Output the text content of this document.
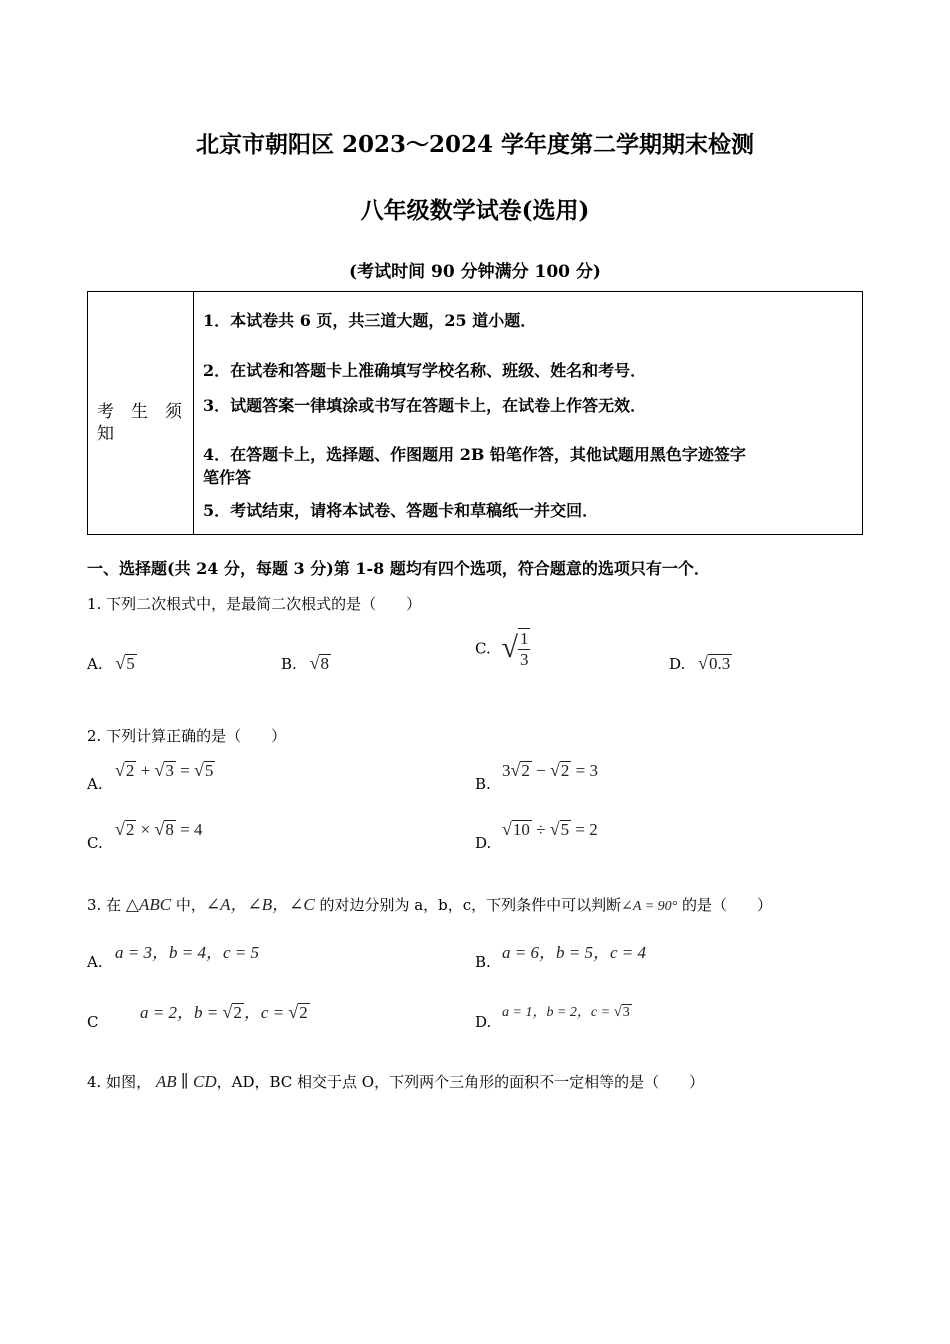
北京市朝阳区 2023～2024 学年度第二学期期末检测
八年级数学试卷(选用)
(考试时间 90 分钟满分 100 分)
考　生　须
知
1．本试卷共 6 页，共三道大题，25 道小题．
2．在试卷和答题卡上准确填写学校名称、班级、姓名和考号．
3．试题答案一律填涂或书写在答题卡上，在试卷上作答无效．
4．在答题卡上，选择题、作图题用 2B 铅笔作答，其他试题用黑色字迹签字
笔作答
5．考试结束，请将本试卷、答题卡和草稿纸一并交回．
一、选择题(共 24 分，每题 3 分)第 1-8 题均有四个选项，符合题意的选项只有一个．
1. 下列二次根式中，是最简二次根式的是（　　）
A. √5	B. √8
C. √ $\frac{1}{3}$	D. √0.3
2. 下列计算正确的是（　　）
A.
√2 + √3 = √5
B.
3√2 − √2 = 3
C.
√2 × √8 = 4
D.
√10 ÷ √5 = 2
3. 在 △ABC 中，∠A，∠B，∠C 的对边分别为 a，b，c，下列条件中可以判断∠A = 90° 的是（　　）
A. a = 3，b = 4，c = 5	B. a = 6，b = 5，c = 4
C a = 2，b = √2 ，c = √2	D.
a = 1，b = 2，c = √3
4. 如图， AB ∥ CD，AD，BC 相交于点 O，下列两个三角形的面积不一定相等的是（　　）
